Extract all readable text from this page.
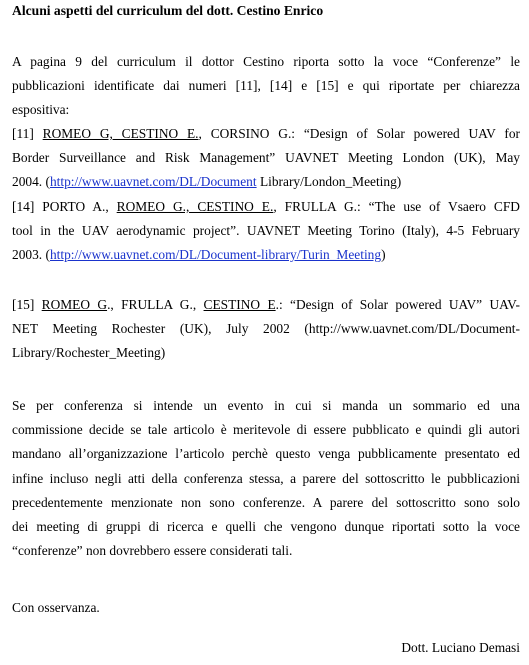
Alcuni aspetti del curriculum del dott. Cestino Enrico
A pagina 9 del curriculum il dottor Cestino riporta sotto la voce “Conferenze” le
pubblicazioni identificate dai numeri [11], [14] e [15] e qui riportate per chiarezza
espositiva:
[11] ROMEO G, CESTINO E., CORSINO G.: “Design of Solar powered UAV for
Border Surveillance and Risk Management” UAVNET Meeting London (UK), May
2004. (http://www.uavnet.com/DL/Document Library/London_Meeting)
[14] PORTO A., ROMEO G., CESTINO E., FRULLA G.: “The use of Vsaero CFD
tool in the UAV aerodynamic project”. UAVNET Meeting Torino (Italy), 4-5 February
2003. (http://www.uavnet.com/DL/Document-library/Turin_Meeting)
[15] ROMEO G., FRULLA G., CESTINO E.: “Design of Solar powered UAV” UAV-
NET Meeting Rochester (UK), July 2002 (http://www.uavnet.com/DL/Document-
Library/Rochester_Meeting)
Se per conferenza si intende un evento in cui si manda un sommario ed una
commissione decide se tale articolo è meritevole di essere pubblicato e quindi gli autori
mandano all’organizzazione l’articolo perchè questo venga pubblicamente presentato ed
infine incluso negli atti della conferenza stessa, a parere del sottoscritto le pubblicazioni
precedentemente menzionate non sono conferenze. A parere del sottoscritto sono solo
dei meeting di gruppi di ricerca e quelli che vengono dunque riportati sotto la voce
“conferenze” non dovrebbero essere considerati tali.
Con osservanza.
Dott. Luciano Demasi
